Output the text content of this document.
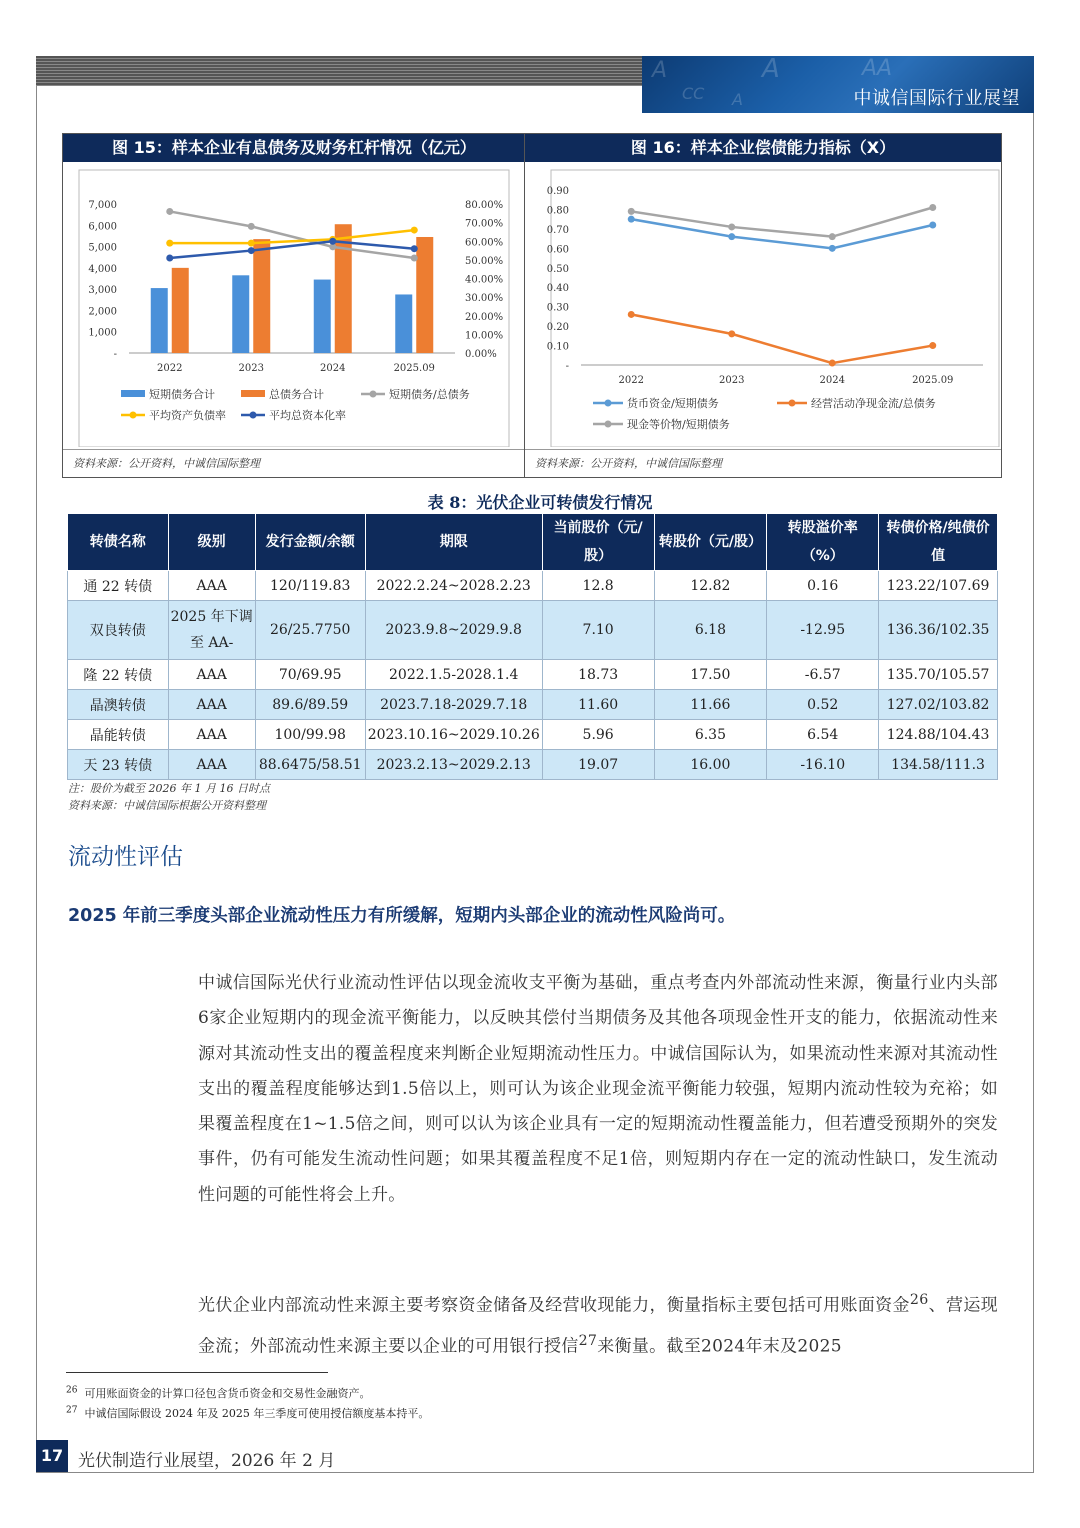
A	A	AA
CC A	中诚信国际行业展望
图 15：样本企业有息债务及财务杠杆情况（亿元）
7,000
6,000
5,000
4,000
3,000
2,000
1,000
-
80.00%
70.00%
60.00%
50.00%
40.00%
30.00%
20.00%
10.00%
0.00%
2022	2023	2024	2025.09
短期债务合计	总债务合计	短期债务/总债务
平均资产负债率	平均总资本化率
资料来源：公开资料，中诚信国际整理
图 16：样本企业偿债能力指标（X）
0.90
0.80
0.70
0.60
0.50
0.40
0.30
0.20
0.10
-
2022	2023	2024	2025.09
货币资金/短期债务	经营活动净现金流/总债务
现金等价物/短期债务
资料来源：公开资料，中诚信国际整理
表 8：光伏企业可转债发行情况
转债名称	级别	发行金额/余额	期限	当前股价（元/股）	转股价（元/股）	转股溢价率（%）	转债价格/纯债价值
通 22 转债	AAA	120/119.83	2022.2.24~2028.2.23	12.8	12.82	0.16	123.22/107.69
双良转债	2025 年下调至 AA-	26/25.7750	2023.9.8~2029.9.8	7.10	6.18	-12.95	136.36/102.35
隆 22 转债	AAA	70/69.95	2022.1.5-2028.1.4	18.73	17.50	-6.57	135.70/105.57
晶澳转债	AAA	89.6/89.59	2023.7.18-2029.7.18	11.60	11.66	0.52	127.02/103.82
晶能转债	AAA	100/99.98	2023.10.16~2029.10.26	5.96	6.35	6.54	124.88/104.43
天 23 转债	AAA	88.6475/58.51	2023.2.13~2029.2.13	19.07	16.00	-16.10	134.58/111.3
注：股价为截至 2026 年 1 月 16 日时点
资料来源：中诚信国际根据公开资料整理
流动性评估
2025 年前三季度头部企业流动性压力有所缓解，短期内头部企业的流动性风险尚可。
中诚信国际光伏行业流动性评估以现金流收支平衡为基础，重点考查内外部流动性来源，衡量行业内头部6家企业短期内的现金流平衡能力，以反映其偿付当期债务及其他各项现金性开支的能力，依据流动性来源对其流动性支出的覆盖程度来判断企业短期流动性压力。中诚信国际认为，如果流动性来源对其流动性支出的覆盖程度能够达到1.5倍以上，则可认为该企业现金流平衡能力较强，短期内流动性较为充裕；如果覆盖程度在1~1.5倍之间，则可以认为该企业具有一定的短期流动性覆盖能力，但若遭受预期外的突发事件，仍有可能发生流动性问题；如果其覆盖程度不足1倍，则短期内存在一定的流动性缺口，发生流动性问题的可能性将会上升。
光伏企业内部流动性来源主要考察资金储备及经营收现能力，衡量指标主要包括可用账面资金$^{26}$、营运现金流；外部流动性来源主要以企业的可用银行授信$^{27}$来衡量。截至2024年末及2025
$^{26}$ 可用账面资金的计算口径包含货币资金和交易性金融资产。
$^{27}$ 中诚信国际假设 2024 年及 2025 年三季度可使用授信额度基本持平。
17 光伏制造行业展望，2026 年 2 月
